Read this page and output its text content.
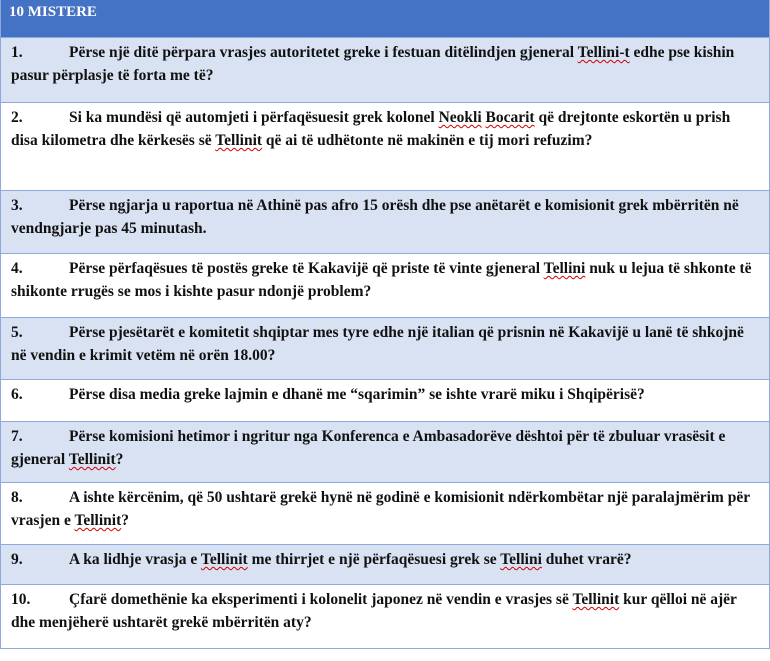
10 MISTERE
1.	Përse një ditë përpara vrasjes autoritetet greke i festuan ditëlindjen gjeneral Tellini-t edhe pse kishin pasur përplasje të forta me të?
2.	Si ka mundësi që automjeti i përfaqësuesit grek kolonel Neokli Bocarit që drejtonte eskortën u prish disa kilometra dhe kërkesës së Tellinit që ai të udhëtonte në makinën e tij mori refuzim?
3.	Përse ngjarja u raportua në Athinë pas afro 15 orësh dhe pse anëtarët e komisionit grek mbërritën në vendngjarje pas 45 minutash.
4.	Përse përfaqësues të postës greke të Kakavijë që priste të vinte gjeneral Tellini nuk u lejua të shkonte të shikonte rrugës se mos i kishte pasur ndonjë problem?
5.	Përse pjesëtarët e komitetit shqiptar mes tyre edhe një italian që prisnin në Kakavijë u lanë të shkojnë në vendin e krimit vetëm në orën 18.00?
6.	Përse disa media greke lajmin e dhanë me “sqarimin” se ishte vrarë miku i Shqipërisë?
7.	Përse komisioni hetimor i ngritur nga Konferenca e Ambasadorëve dështoi për të zbuluar vrasësit e gjeneral Tellinit?
8.	A ishte kërcënim, që 50 ushtarë grekë hynë në godinë e komisionit ndërkombëtar një paralajmërim për vrasjen e Tellinit?
9.	A ka lidhje vrasja e Tellinit me thirrjet e një përfaqësuesi grek se Tellini duhet vrarë?
10. Çfarë domethënie ka eksperimenti i kolonelit japonez në vendin e vrasjes së Tellinit kur qëlloi në ajër dhe menjëherë ushtarët grekë mbërritën aty?
